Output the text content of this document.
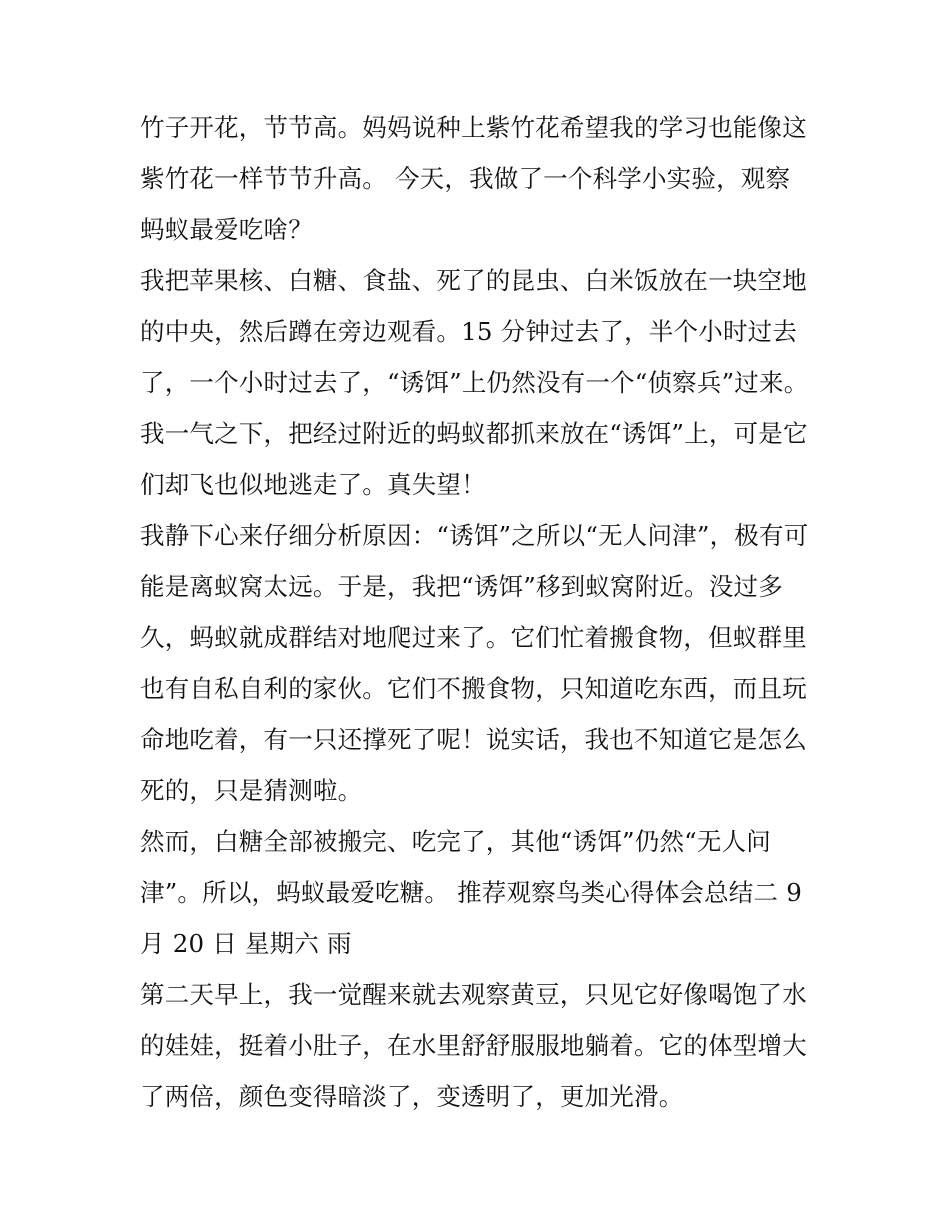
竹子开花，节节高。妈妈说种上紫竹花希望我的学习也能像这
紫竹花一样节节升高。 今天，我做了一个科学小实验，观察
蚂蚁最爱吃啥？
我把苹果核、白糖、食盐、死了的昆虫、白米饭放在一块空地
的中央，然后蹲在旁边观看。15 分钟过去了，半个小时过去
了，一个小时过去了，“诱饵”上仍然没有一个“侦察兵”过来。
我一气之下，把经过附近的蚂蚁都抓来放在“诱饵”上，可是它
们却飞也似地逃走了。真失望！
我静下心来仔细分析原因：“诱饵”之所以“无人问津”，极有可
能是离蚁窝太远。于是，我把“诱饵”移到蚁窝附近。没过多
久，蚂蚁就成群结对地爬过来了。它们忙着搬食物，但蚁群里
也有自私自利的家伙。它们不搬食物，只知道吃东西，而且玩
命地吃着，有一只还撑死了呢！说实话，我也不知道它是怎么
死的，只是猜测啦。
然而，白糖全部被搬完、吃完了，其他“诱饵”仍然“无人问
津”。所以，蚂蚁最爱吃糖。 推荐观察鸟类心得体会总结二 9
月 20 日 星期六 雨
第二天早上，我一觉醒来就去观察黄豆，只见它好像喝饱了水
的娃娃，挺着小肚子，在水里舒舒服服地躺着。它的体型增大
了两倍，颜色变得暗淡了，变透明了，更加光滑。
